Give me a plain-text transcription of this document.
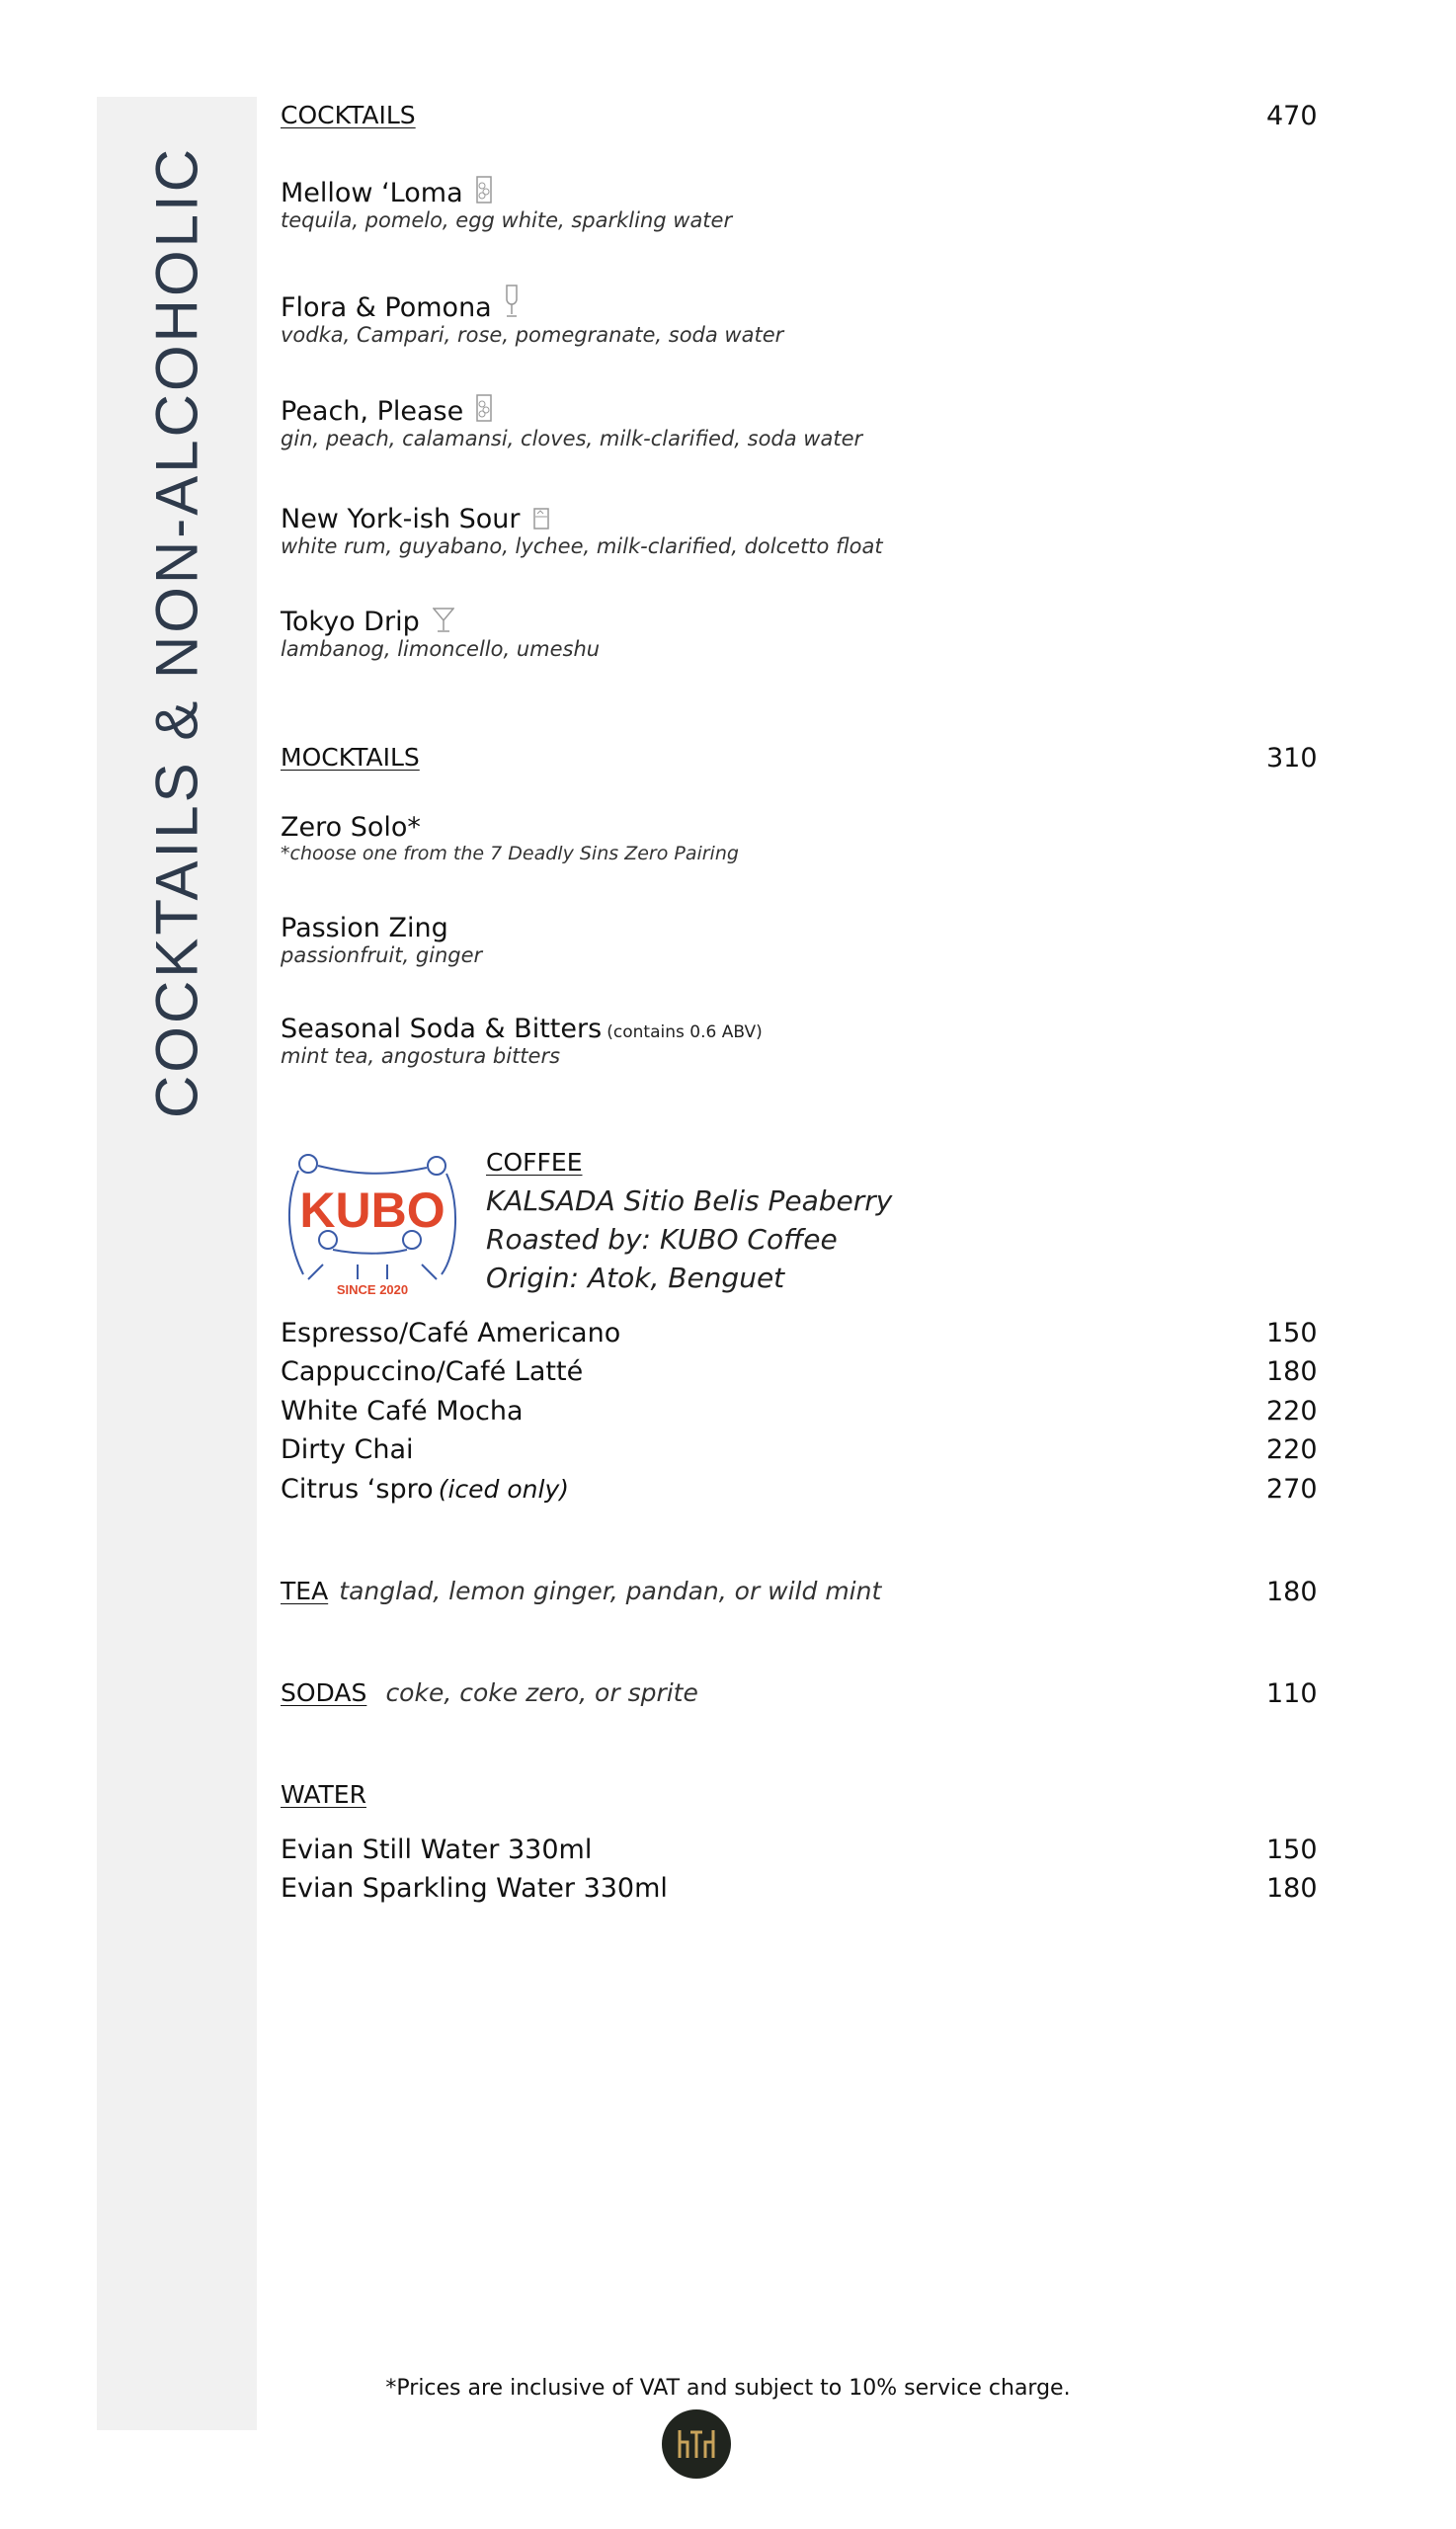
COCKTAILS & NON-ALCOHOLIC
COCKTAILS	470
Mellow ‘Loma
tequila, pomelo, egg white, sparkling water
Flora & Pomona
vodka, Campari, rose, pomegranate, soda water
Peach, Please
gin, peach, calamansi, cloves, milk-clarified, soda water
New York-ish Sour
white rum, guyabano, lychee, milk-clarified, dolcetto float
Tokyo Drip
lambanog, limoncello, umeshu
MOCKTAILS	310
Zero Solo*
*choose one from the 7 Deadly Sins Zero Pairing
Passion Zing
passionfruit, ginger
Seasonal Soda & Bitters (contains 0.6 ABV)
mint tea, angostura bitters
KUBO
SINCE 2020
COFFEE
KALSADA Sitio Belis Peaberry
Roasted by: KUBO Coffee
Origin: Atok, Benguet
Espresso/Café Americano	150
Cappuccino/Café Latté	180
White Café Mocha	220
Dirty Chai	220
Citrus ‘spro (iced only)	270
TEA tanglad, lemon ginger, pandan, or wild mint	180
SODAS coke, coke zero, or sprite	110
WATER
Evian Still Water 330ml	150
Evian Sparkling Water 330ml	180
*Prices are inclusive of VAT and subject to 10% service charge.
